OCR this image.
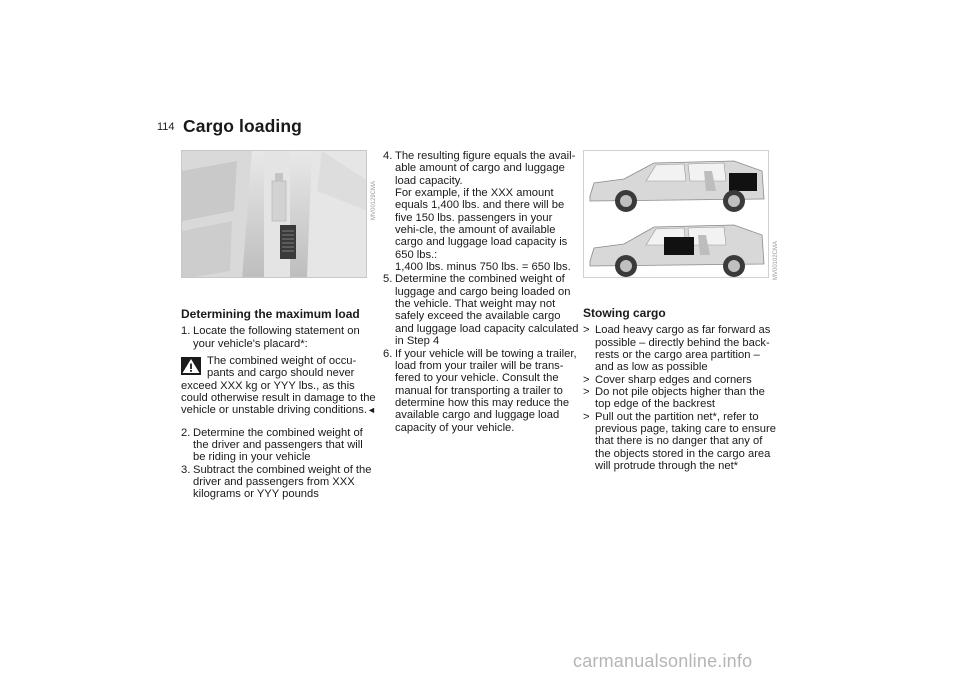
114 Cargo loading
MV00129CMA
Determining the maximum load
1. Locate the following statement on your vehicle's placard*:
The combined weight of occu-pants and cargo should never exceed XXX kg or YYY lbs., as this could otherwise result in damage to the vehicle or unstable driving conditions.◄
2. Determine the combined weight of the driver and passengers that will be riding in your vehicle
3. Subtract the combined weight of the driver and passengers from XXX kilograms or YYY pounds
4. The resulting figure equals the avail-able amount of cargo and luggage load capacity.
For example, if the XXX amount equals 1,400 lbs. and there will be five 150 lbs. passengers in your vehi-cle, the amount of available cargo and luggage load capacity is 650 lbs.:
1,400 lbs. minus 750 lbs. = 650 lbs.
5. Determine the combined weight of luggage and cargo being loaded on the vehicle. That weight may not safely exceed the available cargo and luggage load capacity calculated in Step 4
6. If your vehicle will be towing a trailer, load from your trailer will be trans-fered to your vehicle. Consult the manual for transporting a trailer to determine how this may reduce the available cargo and luggage load capacity of your vehicle.
MV00102CMA
Stowing cargo
> Load heavy cargo as far forward as possible – directly behind the back-rests or the cargo area partition – and as low as possible
> Cover sharp edges and corners
> Do not pile objects higher than the top edge of the backrest
> Pull out the partition net*, refer to previous page, taking care to ensure that there is no danger that any of the objects stored in the cargo area will protrude through the net*
carmanualsonline.info
